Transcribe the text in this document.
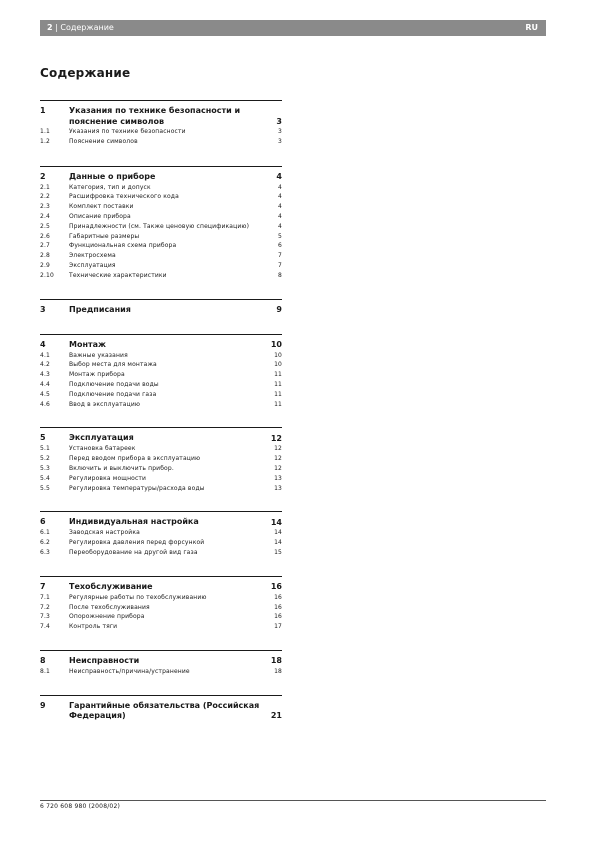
2 | Содержание	RU
Содержание
1	Указания по технике безопасности и пояснение символов	3
1.1	Указания по технике безопасности	3
1.2	Пояснение символов	3
2	Данные о приборе	4
2.1	Категория, тип и допуск	4
2.2	Расшифровка технического кода	4
2.3	Комплект поставки	4
2.4	Описание прибора	4
2.5	Принадлежности (см. Также ценовую спецификацию)	4
2.6	Габаритные размеры	5
2.7	Функциональная схема прибора	6
2.8	Электросхема	7
2.9	Эксплуатация	7
2.10	Технические характеристики	8
3	Предписания	9
4	Монтаж	10
4.1	Важные указания	10
4.2	Выбор места для монтажа	10
4.3	Монтаж прибора	11
4.4	Подключение подачи воды	11
4.5	Подключение подачи газа	11
4.6	Ввод в эксплуатацию	11
5	Эксплуатация	12
5.1	Установка батареек	12
5.2	Перед вводом прибора в эксплуатацию	12
5.3	Включить и выключить прибор.	12
5.4	Регулировка мощности	13
5.5	Регулировка температуры/расхода воды	13
6	Индивидуальная настройка	14
6.1	Заводская настройка	14
6.2	Регулировка давления перед форсункой	14
6.3	Переоборудование на другой вид газа	15
7	Техобслуживание	16
7.1	Регулярные работы по техобслуживанию	16
7.2	После техобслуживания	16
7.3	Опорожнение прибора	16
7.4	Контроль тяги	17
8	Неисправности	18
8.1	Неисправность/причина/устранение	18
9	Гарантийные обязательства (Российская Федерация)	21
6 720 608 980 (2008/02)
